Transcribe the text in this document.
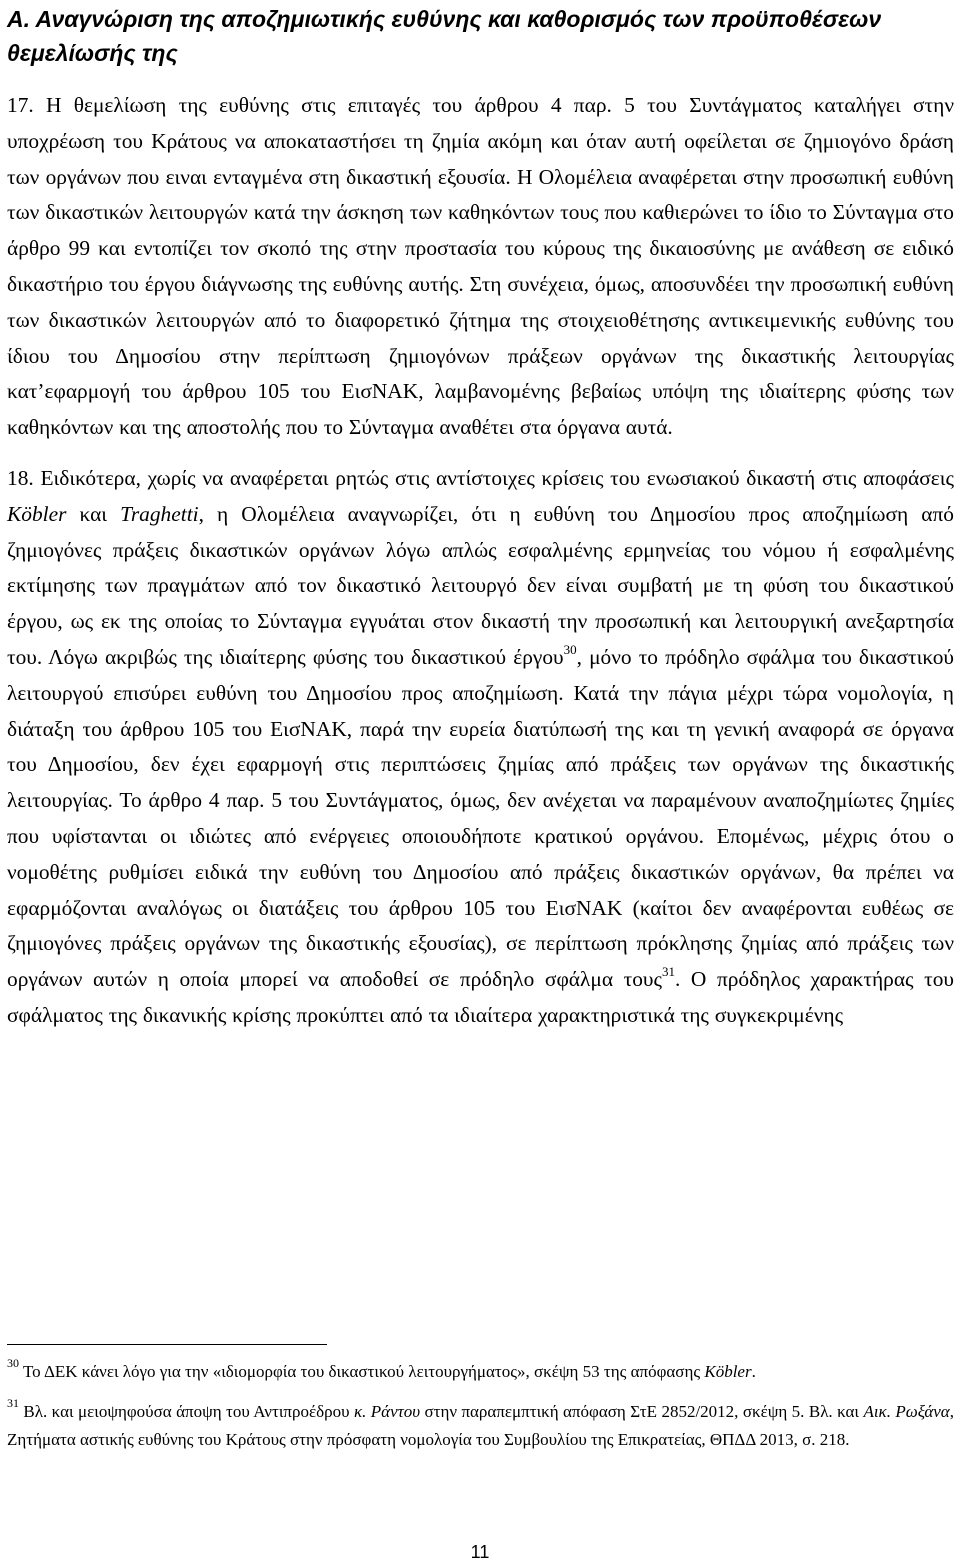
Α. Αναγνώριση της αποζημιωτικής ευθύνης και καθορισμός των προϋποθέσεων θεμελίωσής της

17. Η θεμελίωση της ευθύνης στις επιταγές του άρθρου 4 παρ. 5 του Συντάγματος καταλήγει στην υποχρέωση του Κράτους να αποκαταστήσει τη ζημία ακόμη και όταν αυτή οφείλεται σε ζημιογόνο δράση των οργάνων που ειναι ενταγμένα στη δικαστική εξουσία. Η Ολομέλεια αναφέρεται στην προσωπική ευθύνη των δικαστικών λειτουργών κατά την άσκηση των καθηκόντων τους που καθιερώνει το ίδιο το Σύνταγμα στο άρθρο 99 και εντοπίζει τον σκοπό της στην προστασία του κύρους της δικαιοσύνης με ανάθεση σε ειδικό δικαστήριο του έργου διάγνωσης της ευθύνης αυτής. Στη συνέχεια, όμως, αποσυνδέει την προσωπική ευθύνη των δικαστικών λειτουργών από το διαφορετικό ζήτημα της στοιχειοθέτησης αντικειμενικής ευθύνης του ίδιου του Δημοσίου στην περίπτωση ζημιογόνων πράξεων οργάνων της δικαστικής λειτουργίας κατ’εφαρμογή του άρθρου 105 του ΕισΝΑΚ, λαμβανομένης βεβαίως υπόψη της ιδιαίτερης φύσης των καθηκόντων και της αποστολής που το Σύνταγμα αναθέτει στα όργανα αυτά.

18. Ειδικότερα, χωρίς να αναφέρεται ρητώς στις αντίστοιχες κρίσεις του ενωσιακού δικαστή στις αποφάσεις Köbler και Traghetti, η Ολομέλεια αναγνωρίζει, ότι η ευθύνη του Δημοσίου προς αποζημίωση από ζημιογόνες πράξεις δικαστικών οργάνων λόγω απλώς εσφαλμένης ερμηνείας του νόμου ή εσφαλμένης εκτίμησης των πραγμάτων από τον δικαστικό λειτουργό δεν είναι συμβατή με τη φύση του δικαστικού έργου, ως εκ της οποίας το Σύνταγμα εγγυάται στον δικαστή την προσωπική και λειτουργική ανεξαρτησία του. Λόγω ακριβώς της ιδιαίτερης φύσης του δικαστικού έργου$^{30}$, μόνο το πρόδηλο σφάλμα του δικαστικού λειτουργού επισύρει ευθύνη του Δημοσίου προς αποζημίωση. Κατά την πάγια μέχρι τώρα νομολογία, η διάταξη του άρθρου 105 του ΕισΝΑΚ, παρά την ευρεία διατύπωσή της και τη γενική αναφορά σε όργανα του Δημοσίου, δεν έχει εφαρμογή στις περιπτώσεις ζημίας από πράξεις των οργάνων της δικαστικής λειτουργίας. Το άρθρο 4 παρ. 5 του Συντάγματος, όμως, δεν ανέχεται να παραμένουν αναποζημίωτες ζημίες που υφίστανται οι ιδιώτες από ενέργειες οποιουδήποτε κρατικού οργάνου. Επομένως, μέχρις ότου ο νομοθέτης ρυθμίσει ειδικά την ευθύνη του Δημοσίου από πράξεις δικαστικών οργάνων, θα πρέπει να εφαρμόζονται αναλόγως οι διατάξεις του άρθρου 105 του ΕισΝΑΚ (καίτοι δεν αναφέρονται ευθέως σε ζημιογόνες πράξεις οργάνων της δικαστικής εξουσίας), σε περίπτωση πρόκλησης ζημίας από πράξεις των οργάνων αυτών η οποία μπορεί να αποδοθεί σε πρόδηλο σφάλμα τους$^{31}$. Ο πρόδηλος χαρακτήρας του σφάλματος της δικανικής κρίσης προκύπτει από τα ιδιαίτερα χαρακτηριστικά της συγκεκριμένης

$^{30}$ Το ΔΕΚ κάνει λόγο για την «ιδιομορφία του δικαστικού λειτουργήματος», σκέψη 53 της απόφασης Köbler.

$^{31}$ Βλ. και μειοψηφούσα άποψη του Αντιπροέδρου κ. Ράντου στην παραπεμπτική απόφαση ΣτΕ 2852/2012, σκέψη 5. Βλ. και Αικ. Ρωξάνα, Ζητήματα αστικής ευθύνης του Κράτους στην πρόσφατη νομολογία του Συμβουλίου της Επικρατείας, ΘΠΔΔ 2013, σ. 218.

11
